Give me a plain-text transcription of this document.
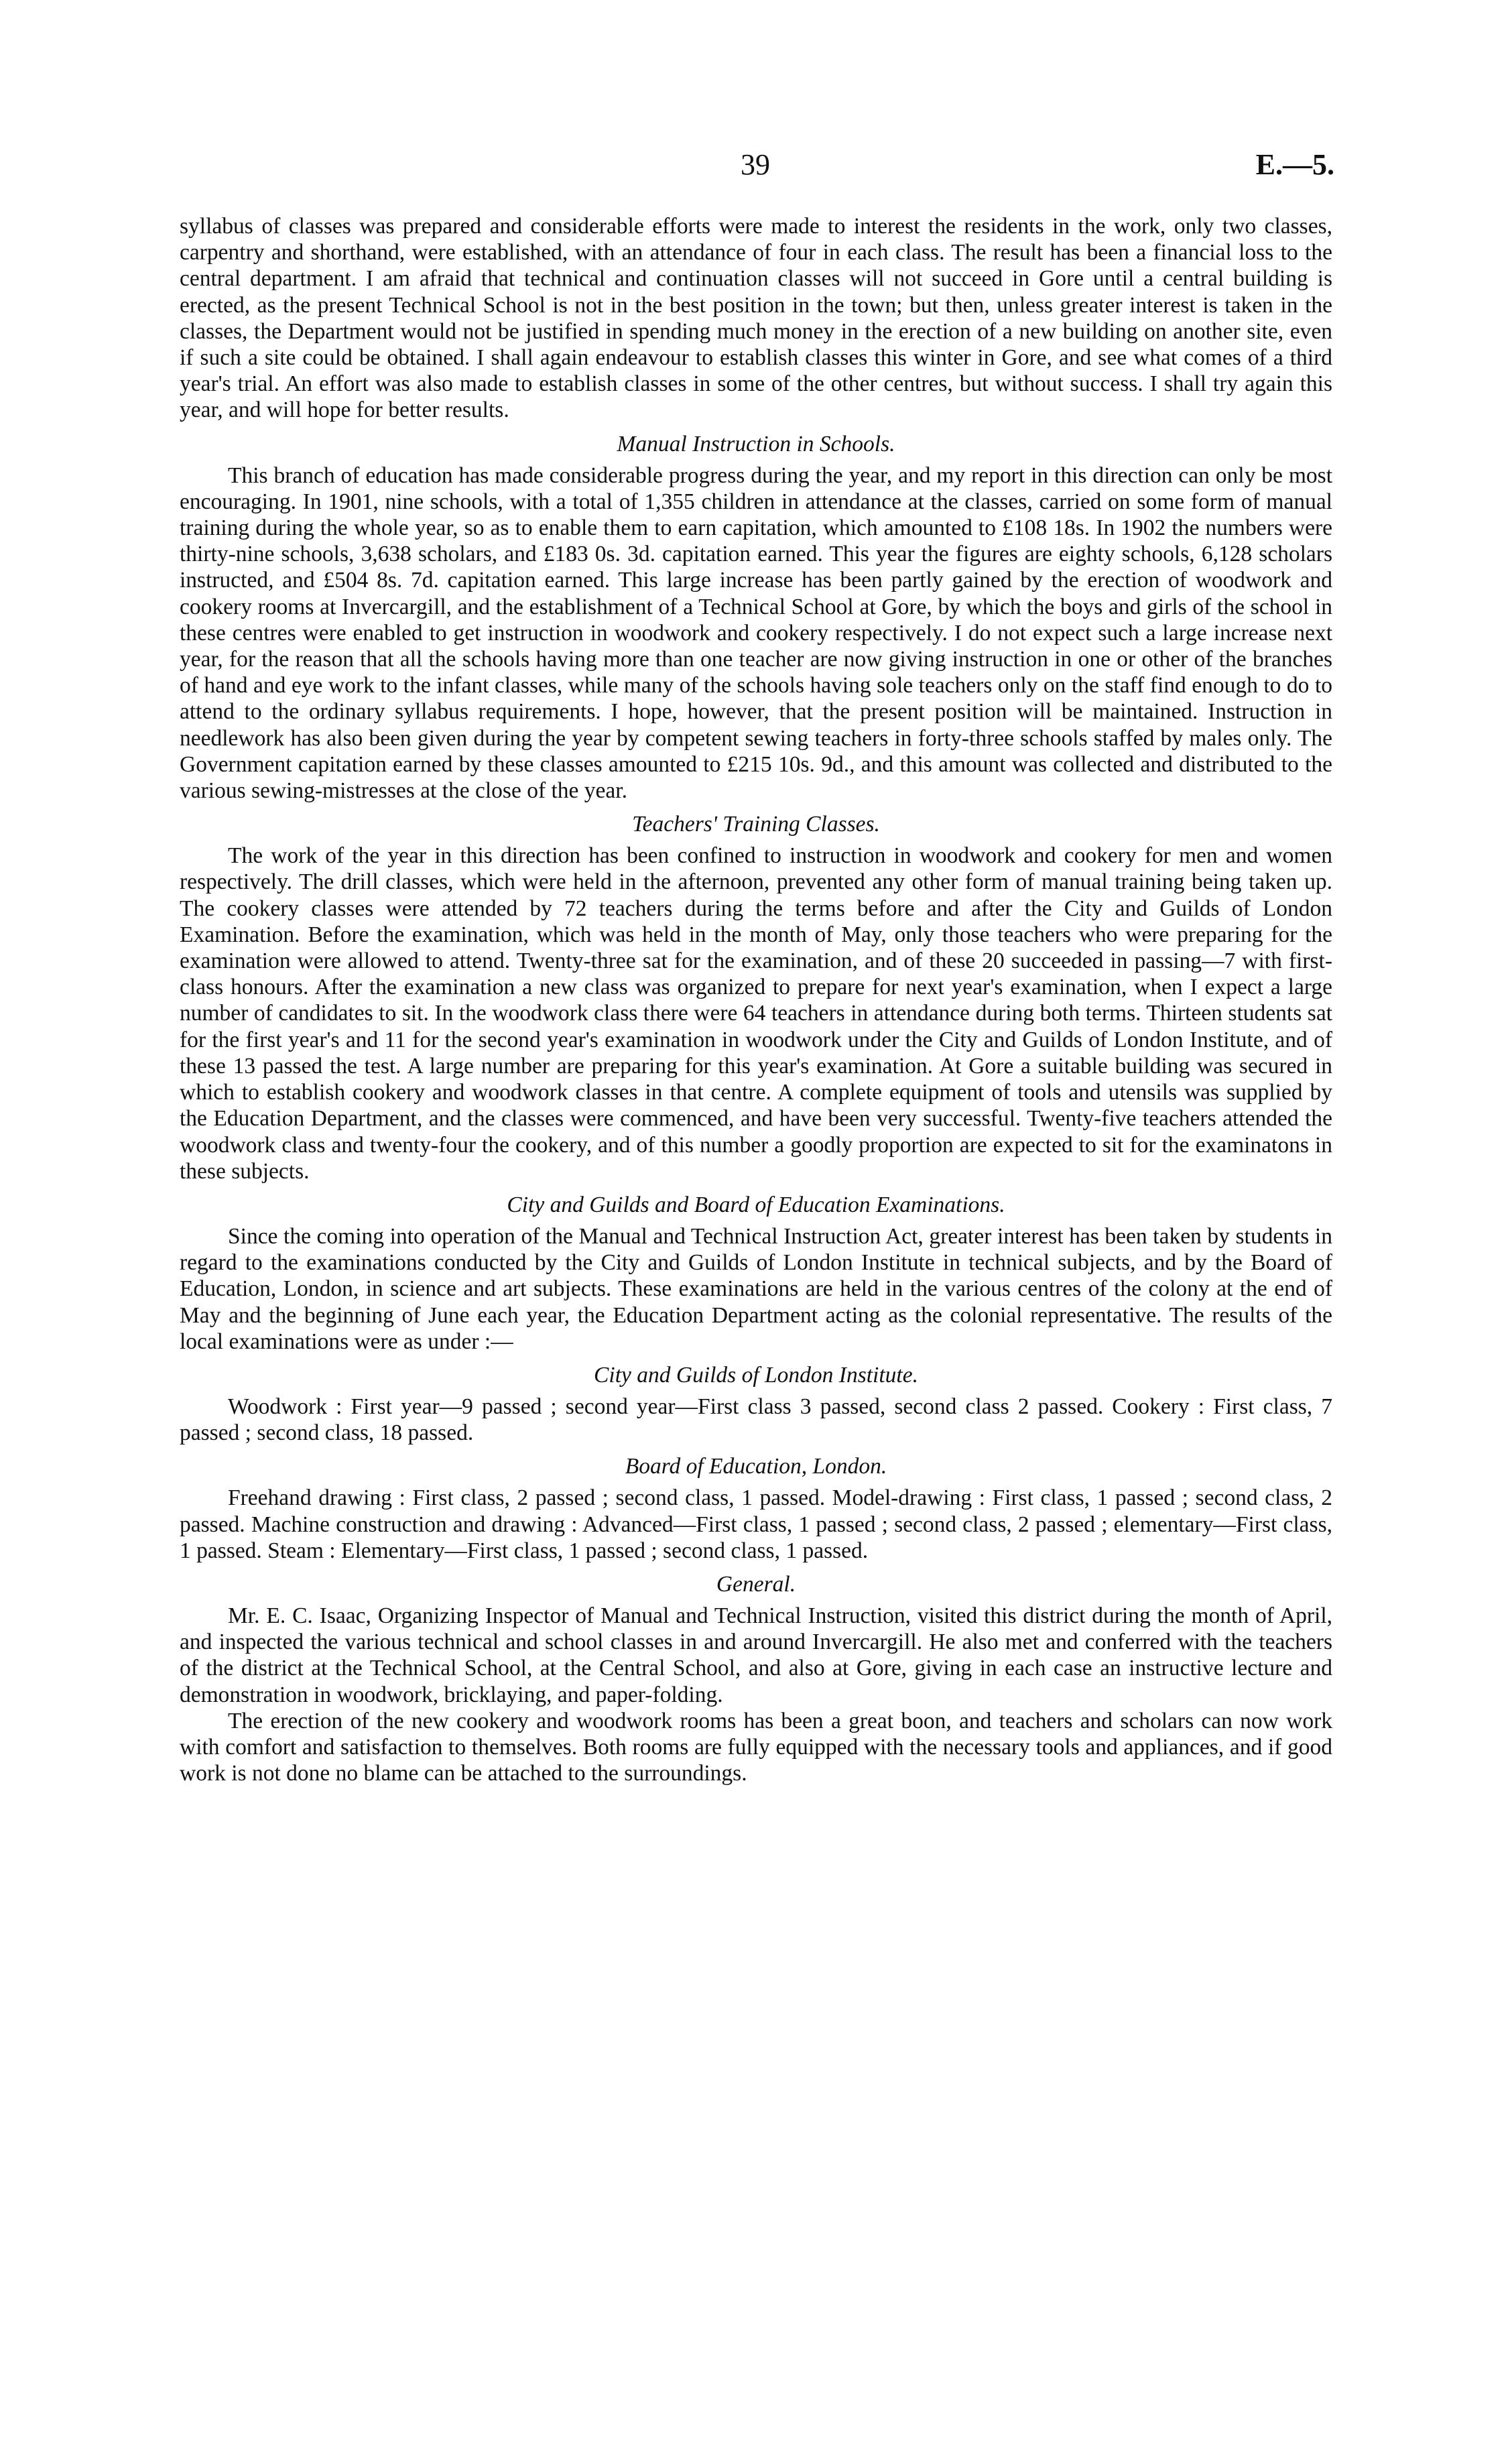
39	E.—5.

syllabus of classes was prepared and considerable efforts were made to interest the residents in the work, only two classes, carpentry and shorthand, were established, with an attendance of four in each class. The result has been a financial loss to the central department. I am afraid that technical and continuation classes will not succeed in Gore until a central building is erected, as the present Technical School is not in the best position in the town; but then, unless greater interest is taken in the classes, the Department would not be justified in spending much money in the erection of a new building on another site, even if such a site could be obtained. I shall again endeavour to establish classes this winter in Gore, and see what comes of a third year's trial. An effort was also made to establish classes in some of the other centres, but without success. I shall try again this year, and will hope for better results.

Manual Instruction in Schools.

This branch of education has made considerable progress during the year, and my report in this direction can only be most encouraging. In 1901, nine schools, with a total of 1,355 children in attendance at the classes, carried on some form of manual training during the whole year, so as to enable them to earn capitation, which amounted to £108 18s. In 1902 the numbers were thirty-nine schools, 3,638 scholars, and £183 0s. 3d. capitation earned. This year the figures are eighty schools, 6,128 scholars instructed, and £504 8s. 7d. capitation earned. This large increase has been partly gained by the erection of woodwork and cookery rooms at Invercargill, and the establishment of a Technical School at Gore, by which the boys and girls of the school in these centres were enabled to get instruction in woodwork and cookery respectively. I do not expect such a large increase next year, for the reason that all the schools having more than one teacher are now giving instruction in one or other of the branches of hand and eye work to the infant classes, while many of the schools having sole teachers only on the staff find enough to do to attend to the ordinary syllabus requirements. I hope, however, that the present position will be maintained. Instruction in needlework has also been given during the year by competent sewing teachers in forty-three schools staffed by males only. The Government capitation earned by these classes amounted to £215 10s. 9d., and this amount was collected and distributed to the various sewing-mistresses at the close of the year.

Teachers' Training Classes.

The work of the year in this direction has been confined to instruction in woodwork and cookery for men and women respectively. The drill classes, which were held in the afternoon, prevented any other form of manual training being taken up. The cookery classes were attended by 72 teachers during the terms before and after the City and Guilds of London Examination. Before the examination, which was held in the month of May, only those teachers who were preparing for the examination were allowed to attend. Twenty-three sat for the examination, and of these 20 succeeded in passing—7 with first-class honours. After the examination a new class was organized to prepare for next year's examination, when I expect a large number of candidates to sit. In the woodwork class there were 64 teachers in attendance during both terms. Thirteen students sat for the first year's and 11 for the second year's examination in woodwork under the City and Guilds of London Institute, and of these 13 passed the test. A large number are preparing for this year's examination. At Gore a suitable building was secured in which to establish cookery and woodwork classes in that centre. A complete equipment of tools and utensils was supplied by the Education Department, and the classes were commenced, and have been very successful. Twenty-five teachers attended the woodwork class and twenty-four the cookery, and of this number a goodly proportion are expected to sit for the examinatons in these subjects.

City and Guilds and Board of Education Examinations.

Since the coming into operation of the Manual and Technical Instruction Act, greater interest has been taken by students in regard to the examinations conducted by the City and Guilds of London Institute in technical subjects, and by the Board of Education, London, in science and art subjects. These examinations are held in the various centres of the colony at the end of May and the beginning of June each year, the Education Department acting as the colonial representative. The results of the local examinations were as under :—

City and Guilds of London Institute.

Woodwork : First year—9 passed ; second year—First class 3 passed, second class 2 passed. Cookery : First class, 7 passed ; second class, 18 passed.

Board of Education, London.

Freehand drawing : First class, 2 passed ; second class, 1 passed. Model-drawing : First class, 1 passed ; second class, 2 passed. Machine construction and drawing : Advanced—First class, 1 passed ; second class, 2 passed ; elementary—First class, 1 passed. Steam : Elementary—First class, 1 passed ; second class, 1 passed.

General.

Mr. E. C. Isaac, Organizing Inspector of Manual and Technical Instruction, visited this district during the month of April, and inspected the various technical and school classes in and around Invercargill. He also met and conferred with the teachers of the district at the Technical School, at the Central School, and also at Gore, giving in each case an instructive lecture and demonstration in woodwork, bricklaying, and paper-folding.

The erection of the new cookery and woodwork rooms has been a great boon, and teachers and scholars can now work with comfort and satisfaction to themselves. Both rooms are fully equipped with the necessary tools and appliances, and if good work is not done no blame can be attached to the surroundings.
